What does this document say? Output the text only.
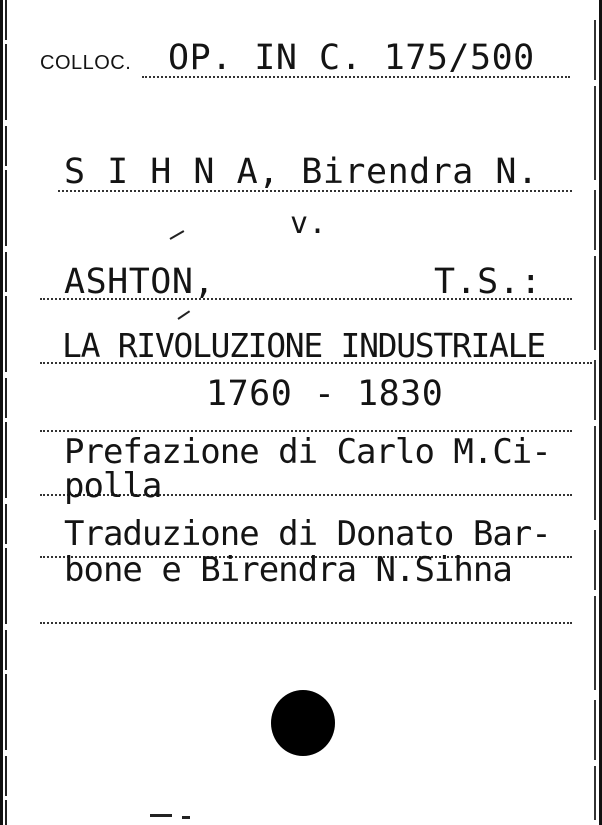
COLLOC. OP. IN C. 175/500
S I H N A, Birendra N.
v.
ASHTON,	T.S.:
LA RIVOLUZIONE INDUSTRIALE
1760 - 1830
Prefazione di Carlo M.Ci-
polla
Traduzione di Donato Bar-
bone e Birendra N.Sihna
